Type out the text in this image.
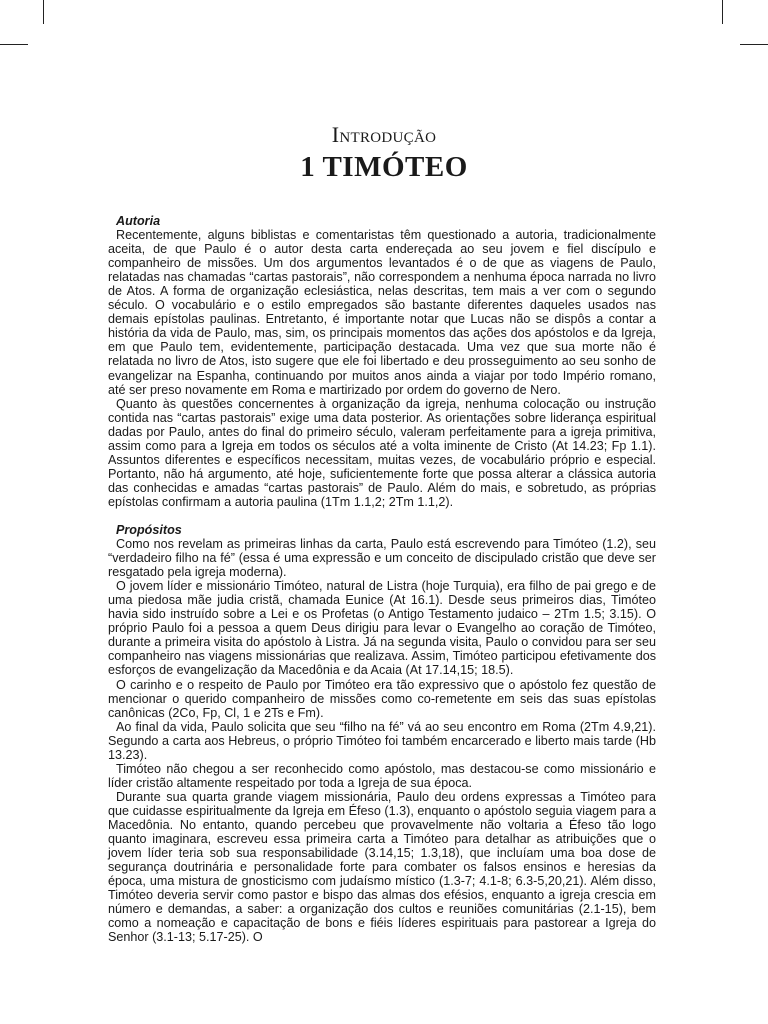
Introdução
1 TIMÓTEO
Autoria

Recentemente, alguns biblistas e comentaristas têm questionado a autoria, tradicionalmente aceita, de que Paulo é o autor desta carta endereçada ao seu jovem e fiel discípulo e companheiro de missões. Um dos argumentos levantados é o de que as viagens de Paulo, relatadas nas chamadas “cartas pastorais”, não correspondem a nenhuma época narrada no livro de Atos. A forma de organização eclesiástica, nelas descritas, tem mais a ver com o segundo século. O vocabulário e o estilo empregados são bastante diferentes daqueles usados nas demais epístolas paulinas. Entretanto, é importante notar que Lucas não se dispôs a contar a história da vida de Paulo, mas, sim, os principais momentos das ações dos apóstolos e da Igreja, em que Paulo tem, evidentemente, participação destacada. Uma vez que sua morte não é relatada no livro de Atos, isto sugere que ele foi libertado e deu prosseguimento ao seu sonho de evangelizar na Espanha, continuando por muitos anos ainda a viajar por todo Império romano, até ser preso novamente em Roma e martirizado por ordem do governo de Nero.

Quanto às questões concernentes à organização da igreja, nenhuma colocação ou instrução contida nas “cartas pastorais” exige uma data posterior. As orientações sobre liderança espiritual dadas por Paulo, antes do final do primeiro século, valeram perfeitamente para a igreja primitiva, assim como para a Igreja em todos os séculos até a volta iminente de Cristo (At 14.23; Fp 1.1). Assuntos diferentes e específicos necessitam, muitas vezes, de vocabulário próprio e especial. Portanto, não há argumento, até hoje, suficientemente forte que possa alterar a clássica autoria das conhecidas e amadas “cartas pastorais” de Paulo. Além do mais, e sobretudo, as próprias epístolas confirmam a autoria paulina (1Tm 1.1,2; 2Tm 1.1,2).

Propósitos

Como nos revelam as primeiras linhas da carta, Paulo está escrevendo para Timóteo (1.2), seu “verdadeiro filho na fé” (essa é uma expressão e um conceito de discipulado cristão que deve ser resgatado pela igreja moderna).

O jovem líder e missionário Timóteo, natural de Listra (hoje Turquia), era filho de pai grego e de uma piedosa mãe judia cristã, chamada Eunice (At 16.1). Desde seus primeiros dias, Timóteo havia sido instruído sobre a Lei e os Profetas (o Antigo Testamento judaico – 2Tm 1.5; 3.15). O próprio Paulo foi a pessoa a quem Deus dirigiu para levar o Evangelho ao coração de Timóteo, durante a primeira visita do apóstolo à Listra. Já na segunda visita, Paulo o convidou para ser seu companheiro nas viagens missionárias que realizava. Assim, Timóteo participou efetivamente dos esforços de evangelização da Macedônia e da Acaia (At 17.14,15; 18.5).

O carinho e o respeito de Paulo por Timóteo era tão expressivo que o apóstolo fez questão de mencionar o querido companheiro de missões como co-remetente em seis das suas epístolas canônicas (2Co, Fp, Cl, 1 e 2Ts e Fm).

Ao final da vida, Paulo solicita que seu “filho na fé” vá ao seu encontro em Roma (2Tm 4.9,21). Segundo a carta aos Hebreus, o próprio Timóteo foi também encarcerado e liberto mais tarde (Hb 13.23).

Timóteo não chegou a ser reconhecido como apóstolo, mas destacou-se como missionário e líder cristão altamente respeitado por toda a Igreja de sua época.

Durante sua quarta grande viagem missionária, Paulo deu ordens expressas a Timóteo para que cuidasse espiritualmente da Igreja em Éfeso (1.3), enquanto o apóstolo seguia viagem para a Macedônia. No entanto, quando percebeu que provavelmente não voltaria a Éfeso tão logo quanto imaginara, escreveu essa primeira carta a Timóteo para detalhar as atribuições que o jovem líder teria sob sua responsabilidade (3.14,15; 1.3,18), que incluíam uma boa dose de segurança doutrinária e personalidade forte para combater os falsos ensinos e heresias da época, uma mistura de gnosticismo com judaísmo místico (1.3-7; 4.1-8; 6.3-5,20,21). Além disso, Timóteo deveria servir como pastor e bispo das almas dos efésios, enquanto a igreja crescia em número e demandas, a saber: a organização dos cultos e reuniões comunitárias (2.1-15), bem como a nomeação e capacitação de bons e fiéis líderes espirituais para pastorear a Igreja do Senhor (3.1-13; 5.17-25). O
